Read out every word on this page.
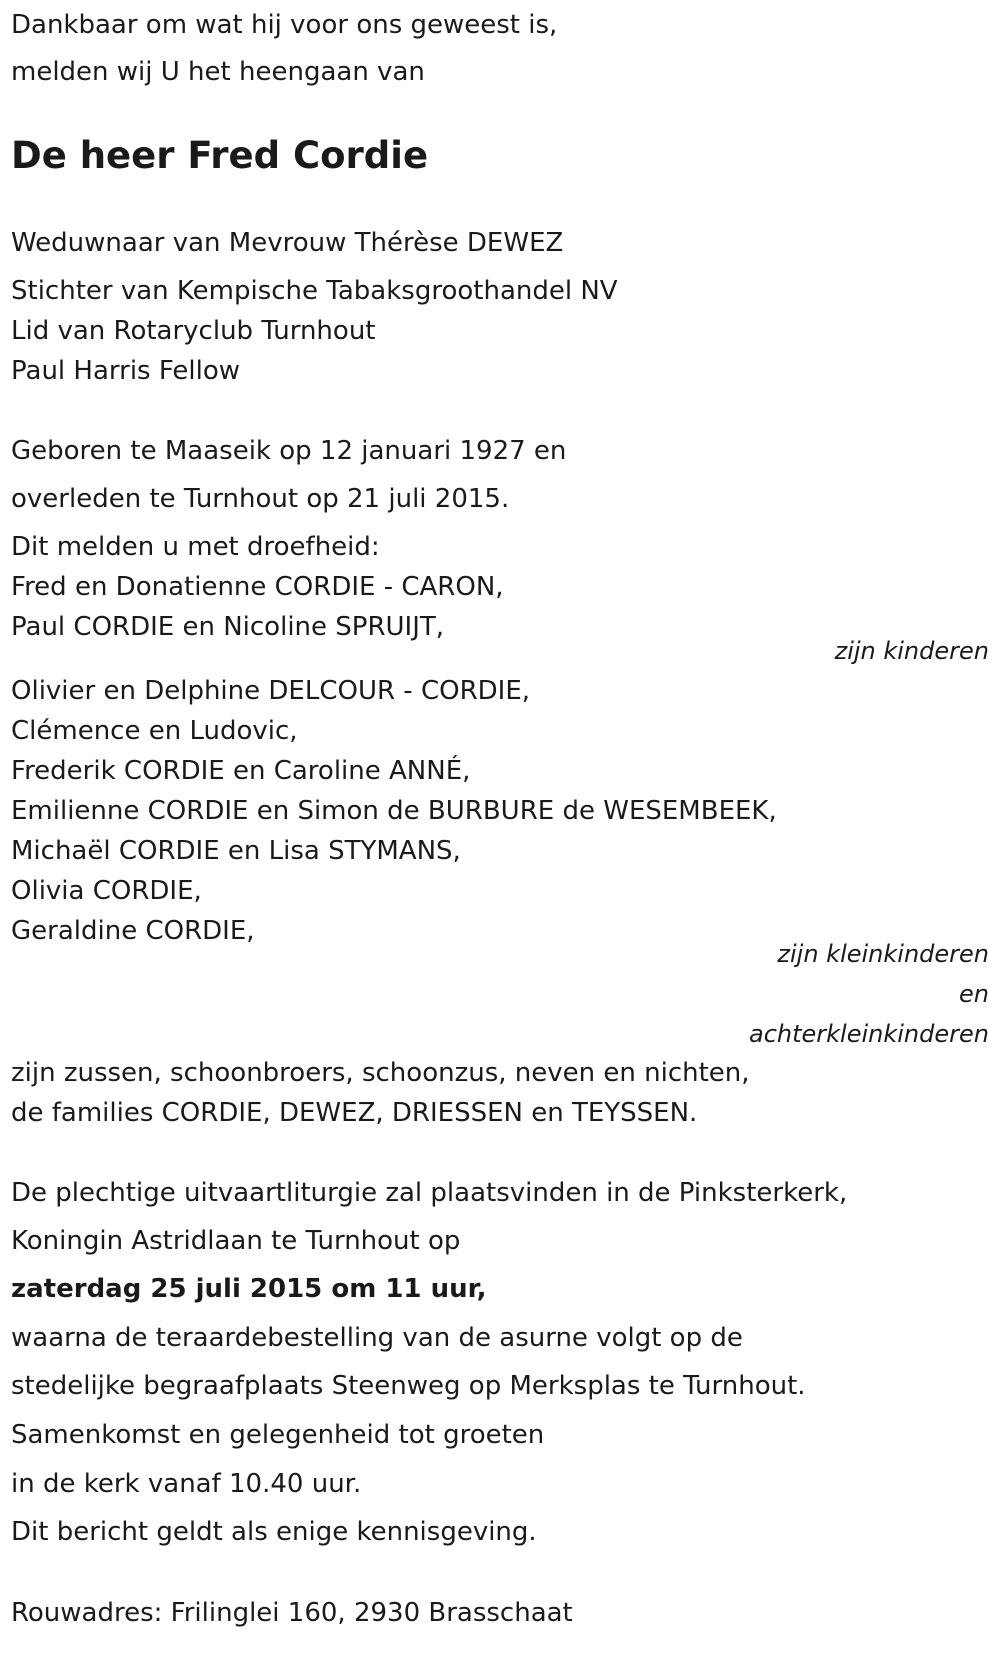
Dankbaar om wat hij voor ons geweest is,

melden wij U het heengaan van

De heer Fred Cordie

Weduwnaar van Mevrouw Thérèse DEWEZ

Stichter van Kempische Tabaksgroothandel NV

Lid van Rotaryclub Turnhout

Paul Harris Fellow

Geboren te Maaseik op 12 januari 1927 en

overleden te Turnhout op 21 juli 2015.

Dit melden u met droefheid:

Fred en Donatienne CORDIE - CARON,

Paul CORDIE en Nicoline SPRUIJT,

zijn kinderen

Olivier en Delphine DELCOUR - CORDIE,

Clémence en Ludovic,

Frederik CORDIE en Caroline ANNÉ,

Emilienne CORDIE en Simon de BURBURE de WESEMBEEK,

Michaël CORDIE en Lisa STYMANS,

Olivia CORDIE,

Geraldine CORDIE,

zijn kleinkinderen

en

achterkleinkinderen

zijn zussen, schoonbroers, schoonzus, neven en nichten,

de families CORDIE, DEWEZ, DRIESSEN en TEYSSEN.

De plechtige uitvaartliturgie zal plaatsvinden in de Pinksterkerk,

Koningin Astridlaan te Turnhout op

zaterdag 25 juli 2015 om 11 uur,

waarna de teraardebestelling van de asurne volgt op de

stedelijke begraafplaats Steenweg op Merksplas te Turnhout.

Samenkomst en gelegenheid tot groeten

in de kerk vanaf 10.40 uur.

Dit bericht geldt als enige kennisgeving.

Rouwadres: Frilinglei 160, 2930 Brasschaat
